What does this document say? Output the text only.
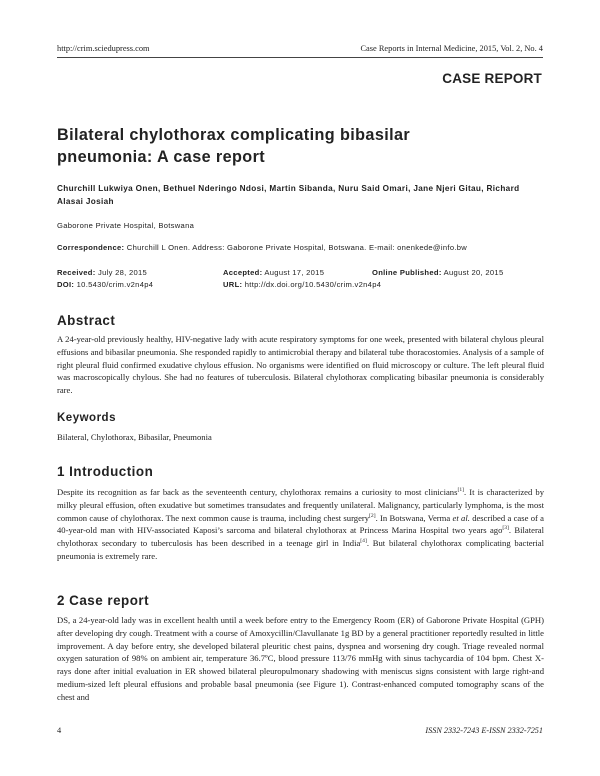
http://crim.sciedupress.com	Case Reports in Internal Medicine, 2015, Vol. 2, No. 4
CASE REPORT
Bilateral chylothorax complicating bibasilar pneumonia: A case report
Churchill Lukwiya Onen, Bethuel Nderingo Ndosi, Martin Sibanda, Nuru Said Omari, Jane Njeri Gitau, Richard Alasai Josiah
Gaborone Private Hospital, Botswana
Correspondence: Churchill L Onen. Address: Gaborone Private Hospital, Botswana. E-mail: onenkede@info.bw
Received: July 28, 2015	Accepted: August 17, 2015	Online Published: August 20, 2015
DOI: 10.5430/crim.v2n4p4	URL: http://dx.doi.org/10.5430/crim.v2n4p4
Abstract
A 24-year-old previously healthy, HIV-negative lady with acute respiratory symptoms for one week, presented with bilateral chylous pleural effusions and bibasilar pneumonia. She responded rapidly to antimicrobial therapy and bilateral tube thoracostomies. Analysis of a sample of right pleural fluid confirmed exudative chylous effusion. No organisms were identified on fluid microscopy or culture. The left pleural fluid was macroscopically chylous. She had no features of tuberculosis. Bilateral chylothorax complicating bibasilar pneumonia is considerably rare.
Keywords
Bilateral, Chylothorax, Bibasilar, Pneumonia
1 Introduction
Despite its recognition as far back as the seventeenth century, chylothorax remains a curiosity to most clinicians[1]. It is characterized by milky pleural effusion, often exudative but sometimes transudates and frequently unilateral. Malignancy, particularly lymphoma, is the most common cause of chylothorax. The next common cause is trauma, including chest surgery[2]. In Botswana, Verma et al. described a case of a 40-year-old man with HIV-associated Kaposi’s sarcoma and bilateral chylothorax at Princess Marina Hospital two years ago[3]. Bilateral chylothorax secondary to tuberculosis has been described in a teenage girl in India[4]. But bilateral chylothorax complicating bacterial pneumonia is extremely rare.
2 Case report
DS, a 24-year-old lady was in excellent health until a week before entry to the Emergency Room (ER) of Gaborone Private Hospital (GPH) after developing dry cough. Treatment with a course of Amoxycillin/Clavullanate 1g BD by a general practitioner reportedly resulted in little improvement. A day before entry, she developed bilateral pleuritic chest pains, dyspnea and worsening dry cough. Triage revealed normal oxygen saturation of 98% on ambient air, temperature 36.7ºC, blood pressure 113/76 mmHg with sinus tachycardia of 104 bpm. Chest X-rays done after initial evaluation in ER showed bilateral pleuropulmonary shadowing with meniscus signs consistent with large right-and medium-sized left pleural effusions and probable basal pneumonia (see Figure 1). Contrast-enhanced computed tomography scans of the chest and
4	ISSN 2332-7243 E-ISSN 2332-7251
